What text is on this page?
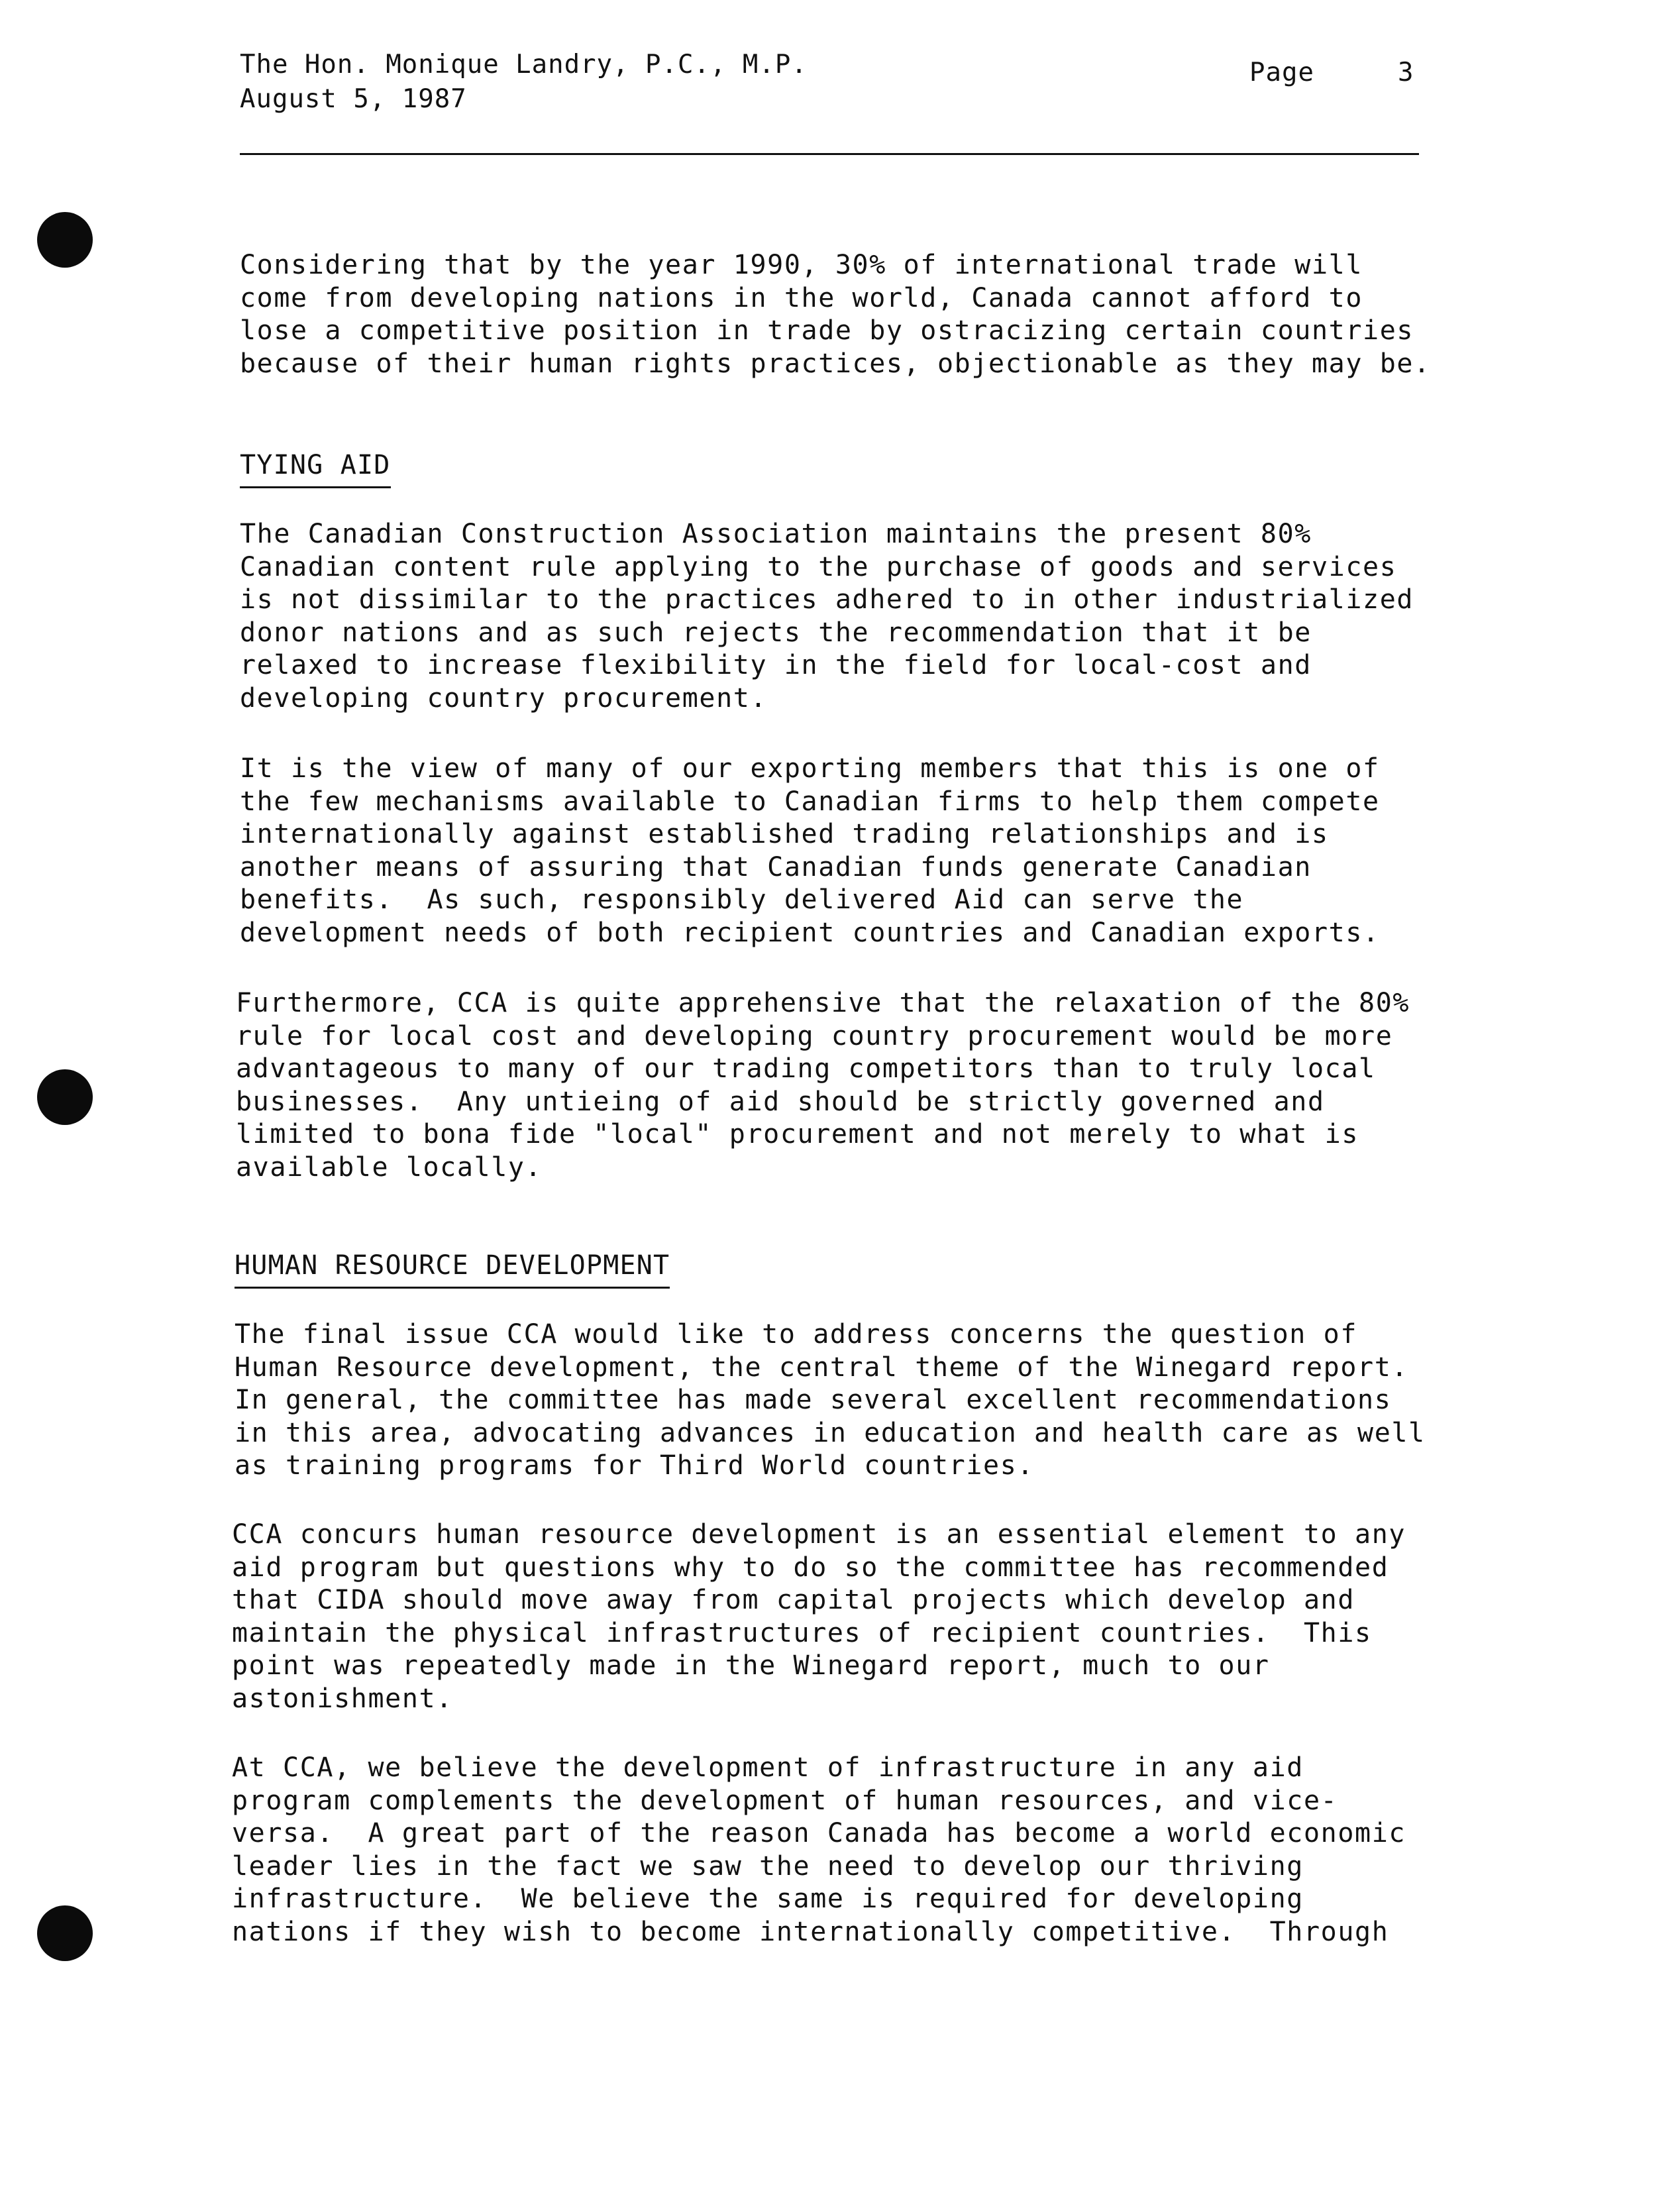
The Hon. Monique Landry, P.C., M.P.
August 5, 1987
Page	3

Considering that by the year 1990, 30% of international trade will

come from developing nations in the world, Canada cannot afford to

lose a competitive position in trade by ostracizing certain countries

because of their human rights practices, objectionable as they may be.

TYING AID

The Canadian Construction Association maintains the present 80%

Canadian content rule applying to the purchase of goods and services

is not dissimilar to the practices adhered to in other industrialized

donor nations and as such rejects the recommendation that it be

relaxed to increase flexibility in the field for local-cost and

developing country procurement.

It is the view of many of our exporting members that this is one of

the few mechanisms available to Canadian firms to help them compete

internationally against established trading relationships and is

another means of assuring that Canadian funds generate Canadian

benefits.  As such, responsibly delivered Aid can serve the

development needs of both recipient countries and Canadian exports.

Furthermore, CCA is quite apprehensive that the relaxation of the 80%

rule for local cost and developing country procurement would be more

advantageous to many of our trading competitors than to truly local

businesses.  Any untieing of aid should be strictly governed and

limited to bona fide "local" procurement and not merely to what is

available locally.

HUMAN RESOURCE DEVELOPMENT

The final issue CCA would like to address concerns the question of

Human Resource development, the central theme of the Winegard report.

In general, the committee has made several excellent recommendations

in this area, advocating advances in education and health care as well

as training programs for Third World countries.

CCA concurs human resource development is an essential element to any

aid program but questions why to do so the committee has recommended

that CIDA should move away from capital projects which develop and

maintain the physical infrastructures of recipient countries.  This

point was repeatedly made in the Winegard report, much to our

astonishment.

At CCA, we believe the development of infrastructure in any aid

program complements the development of human resources, and vice-

versa.  A great part of the reason Canada has become a world economic

leader lies in the fact we saw the need to develop our thriving

infrastructure.  We believe the same is required for developing

nations if they wish to become internationally competitive.  Through
